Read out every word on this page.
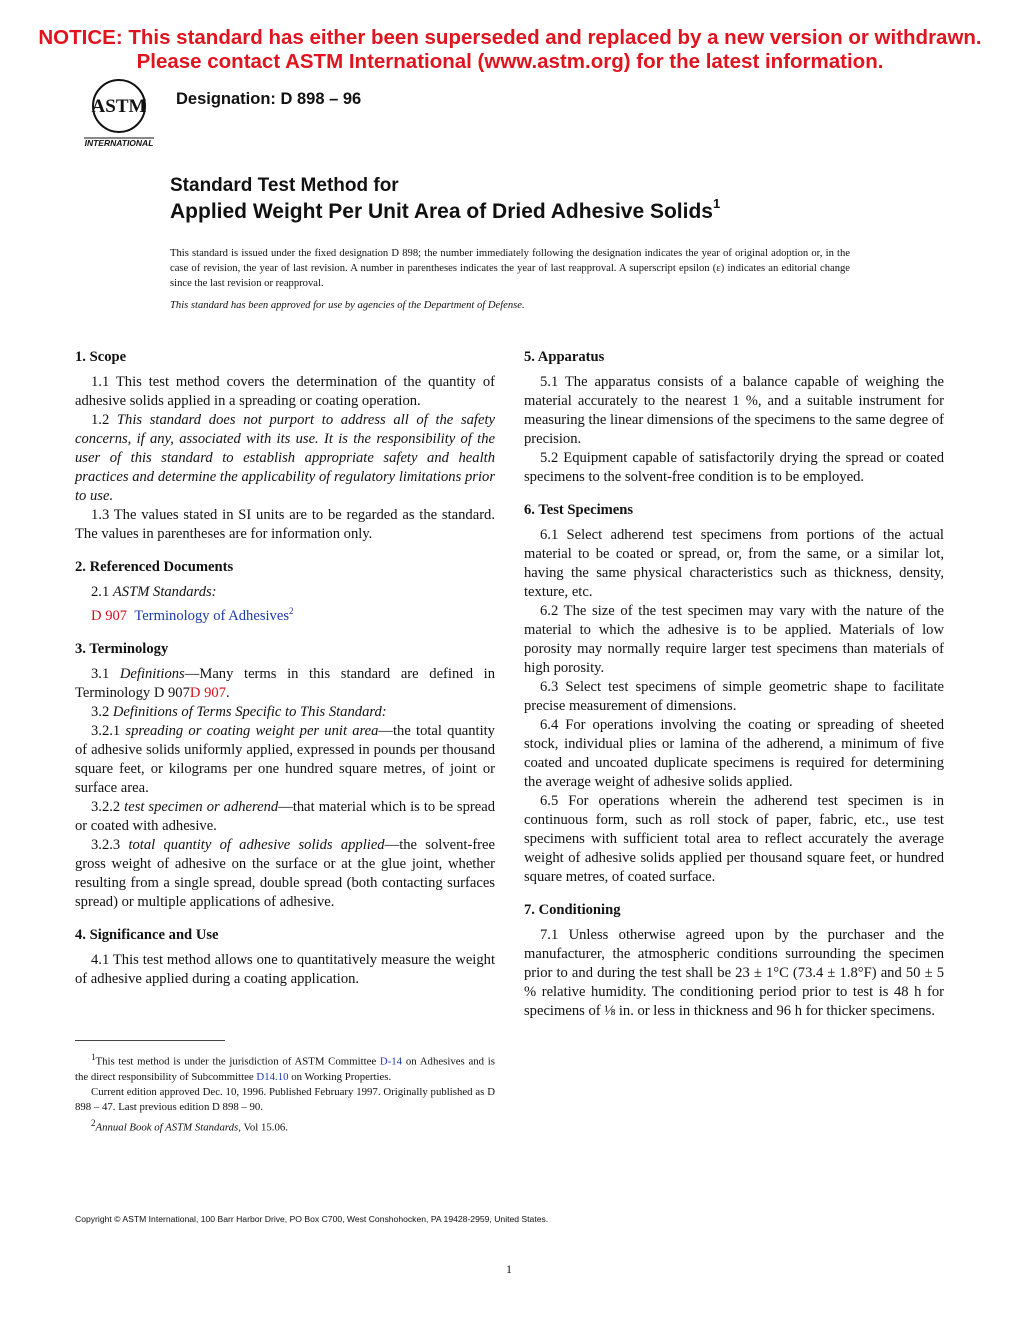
NOTICE: This standard has either been superseded and replaced by a new version or withdrawn.
Please contact ASTM International (www.astm.org) for the latest information.
ASTM
INTERNATIONAL
Designation: D 898 – 96
Standard Test Method for
Applied Weight Per Unit Area of Dried Adhesive Solids$^1$
This standard is issued under the fixed designation D 898; the number immediately following the designation indicates the year of original adoption or, in the case of revision, the year of last revision. A number in parentheses indicates the year of last reapproval. A superscript epsilon (ε) indicates an editorial change since the last revision or reapproval.
This standard has been approved for use by agencies of the Department of Defense.
1. Scope

1.1 This test method covers the determination of the quantity of adhesive solids applied in a spreading or coating operation.

1.2 This standard does not purport to address all of the safety concerns, if any, associated with its use. It is the responsibility of the user of this standard to establish appropriate safety and health practices and determine the applicability of regulatory limitations prior to use.

1.3 The values stated in SI units are to be regarded as the standard. The values in parentheses are for information only.

2. Referenced Documents

2.1 ASTM Standards:

D 907 Terminology of Adhesives$^2$

3. Terminology

3.1 Definitions—Many terms in this standard are defined in Terminology D 907D 907.

3.2 Definitions of Terms Specific to This Standard:

3.2.1 spreading or coating weight per unit area—the total quantity of adhesive solids uniformly applied, expressed in pounds per thousand square feet, or kilograms per one hundred square metres, of joint or surface area.

3.2.2 test specimen or adherend—that material which is to be spread or coated with adhesive.

3.2.3 total quantity of adhesive solids applied—the solvent-free gross weight of adhesive on the surface or at the glue joint, whether resulting from a single spread, double spread (both contacting surfaces spread) or multiple applications of adhesive.

4. Significance and Use

4.1 This test method allows one to quantitatively measure the weight of adhesive applied during a coating application.

$^1$This test method is under the jurisdiction of ASTM Committee D-14 on Adhesives and is the direct responsibility of Subcommittee D14.10 on Working Properties.

Current edition approved Dec. 10, 1996. Published February 1997. Originally published as D 898 – 47. Last previous edition D 898 – 90.

$^2$Annual Book of ASTM Standards, Vol 15.06.

5. Apparatus

5.1 The apparatus consists of a balance capable of weighing the material accurately to the nearest 1 %, and a suitable instrument for measuring the linear dimensions of the specimens to the same degree of precision.

5.2 Equipment capable of satisfactorily drying the spread or coated specimens to the solvent-free condition is to be employed.

6. Test Specimens

6.1 Select adherend test specimens from portions of the actual material to be coated or spread, or, from the same, or a similar lot, having the same physical characteristics such as thickness, density, texture, etc.

6.2 The size of the test specimen may vary with the nature of the material to which the adhesive is to be applied. Materials of low porosity may normally require larger test specimens than materials of high porosity.

6.3 Select test specimens of simple geometric shape to facilitate precise measurement of dimensions.

6.4 For operations involving the coating or spreading of sheeted stock, individual plies or lamina of the adherend, a minimum of five coated and uncoated duplicate specimens is required for determining the average weight of adhesive solids applied.

6.5 For operations wherein the adherend test specimen is in continuous form, such as roll stock of paper, fabric, etc., use test specimens with sufficient total area to reflect accurately the average weight of adhesive solids applied per thousand square feet, or hundred square metres, of coated surface.

7. Conditioning

7.1 Unless otherwise agreed upon by the purchaser and the manufacturer, the atmospheric conditions surrounding the specimen prior to and during the test shall be 23 ± 1°C (73.4 ± 1.8°F) and 50 ± 5 % relative humidity. The conditioning period prior to test is 48 h for specimens of ⅛ in. or less in thickness and 96 h for thicker specimens.

Copyright © ASTM International, 100 Barr Harbor Drive, PO Box C700, West Conshohocken, PA 19428-2959, United States.
1
